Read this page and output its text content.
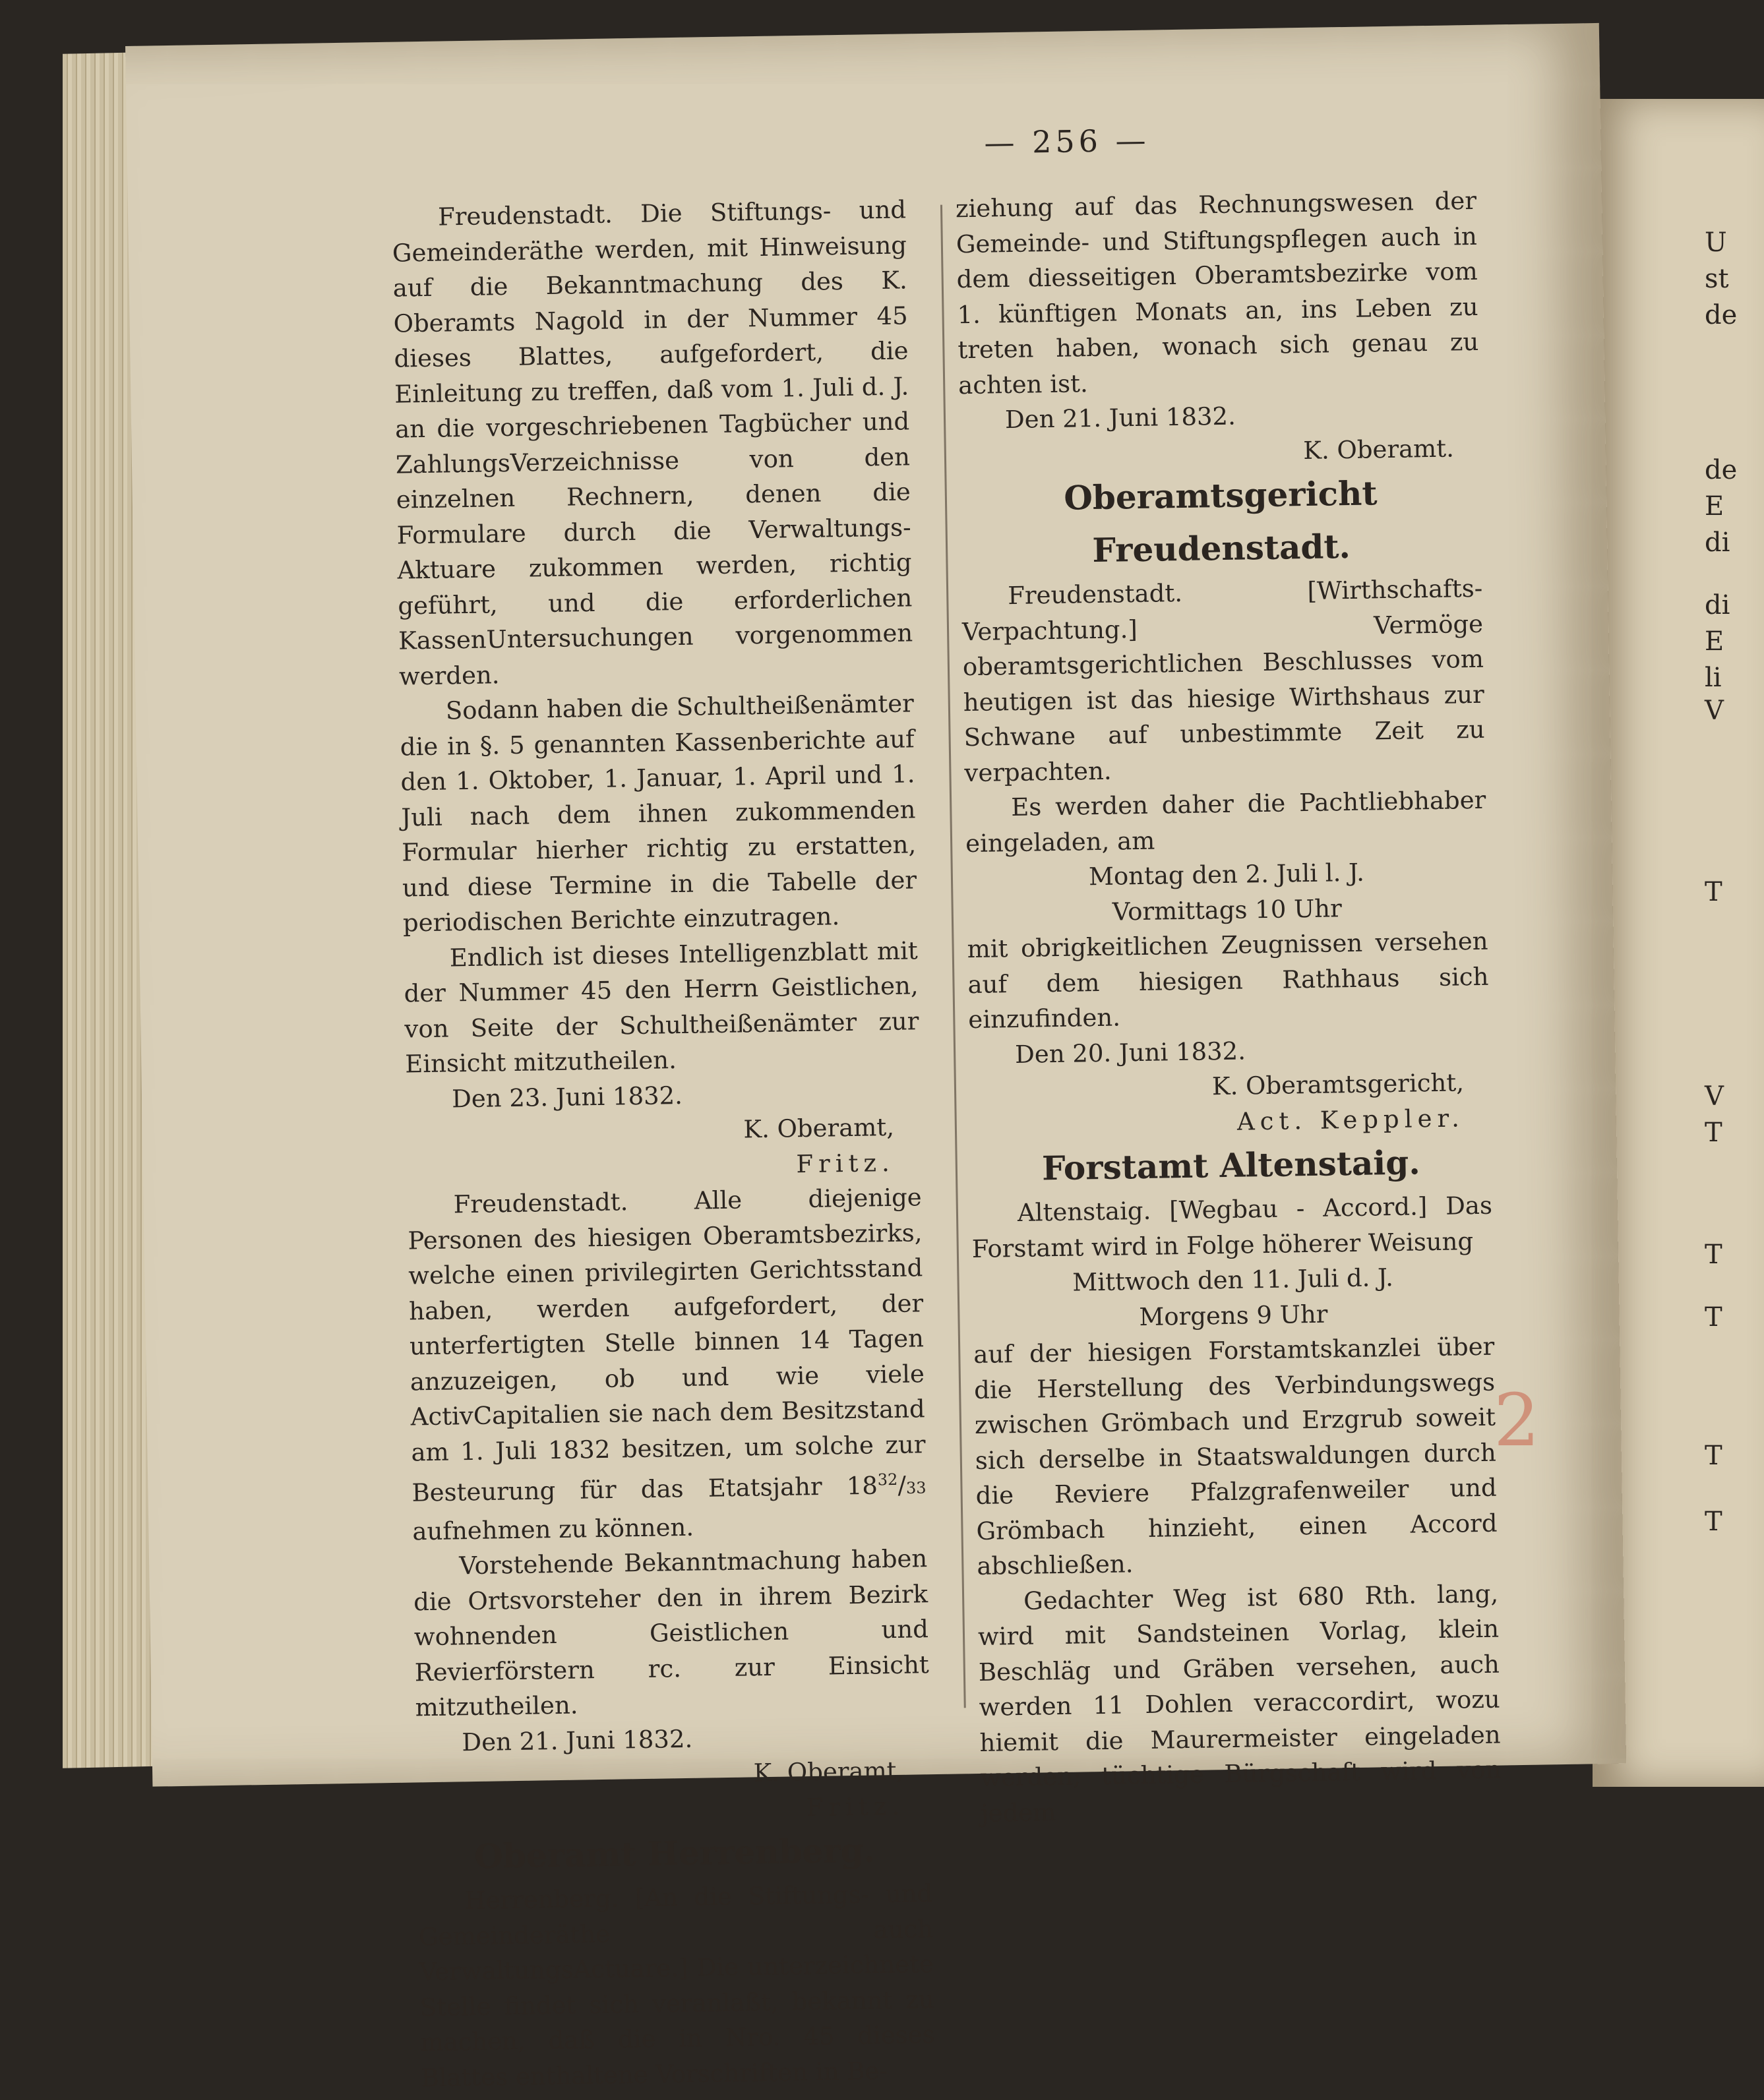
— 256 —

Freudenstadt. Die Stiftungs- und Gemeinderäthe werden, mit Hinweisung auf die Bekanntmachung des K. Oberamts Nagold in der Nummer 45 dieses Blattes, aufgefordert, die Einleitung zu treffen, daß vom 1. Juli d. J. an die vorgeschriebenen Tagbücher und ZahlungsVerzeichnisse von den einzelnen Rechnern, denen die Formulare durch die Verwaltungs-Aktuare zukommen werden, richtig geführt, und die erforderlichen KassenUntersuchungen vorgenommen werden.

Sodann haben die Schultheißenämter die in §. 5 genannten Kassenberichte auf den 1. Oktober, 1. Januar, 1. April und 1. Juli nach dem ihnen zukommenden Formular hierher richtig zu erstatten, und diese Termine in die Tabelle der periodischen Berichte einzutragen.

Endlich ist dieses Intelligenzblatt mit der Nummer 45 den Herrn Geistlichen, von Seite der Schultheißenämter zur Einsicht mitzutheilen.

Den 23. Juni 1832.

K. Oberamt,

Fritz.

Freudenstadt. Alle diejenige Personen des hiesigen Oberamtsbezirks, welche einen privilegirten Gerichtsstand haben, werden aufgefordert, der unterfertigten Stelle binnen 14 Tagen anzuzeigen, ob und wie viele ActivCapitalien sie nach dem Besitzstand am 1. Juli 1832 besitzen, um solche zur Besteurung für das Etatsjahr $18^{32}/33$ aufnehmen zu können.

Vorstehende Bekanntmachung haben die Ortsvorsteher den in ihrem Bezirk wohnenden Geistlichen und Revierförstern rc. zur Einsicht mitzutheilen.

Den 21. Juni 1832.

K. Oberamt,

Fritz.

Oberamt Herrenberg.

Herrenberg. [An die Stiftungs- und Gemeinderäthe auch VerwaltungsActuare.] Die unterzeichnete Stelle findet sich veranlaßt, bekannt zu machen, daß die in Nro. 45 dieses Blattes enthaltene Vorschriften in Be-

ziehung auf das Rechnungswesen der Gemeinde- und Stiftungspflegen auch in dem diesseitigen Oberamtsbezirke vom 1. künftigen Monats an, ins Leben zu treten haben, wonach sich genau zu achten ist.

Den 21. Juni 1832.

K. Oberamt.

Oberamtsgericht Freudenstadt.

Freudenstadt. [Wirthschafts-Verpachtung.] Vermöge oberamtsgerichtlichen Beschlusses vom heutigen ist das hiesige Wirthshaus zur Schwane auf unbestimmte Zeit zu verpachten.

Es werden daher die Pachtliebhaber eingeladen, am

Montag den 2. Juli l. J.

Vormittags 10 Uhr

mit obrigkeitlichen Zeugnissen versehen auf dem hiesigen Rathhaus sich einzufinden.

Den 20. Juni 1832.

K. Oberamtsgericht,

Act. Keppler.

Forstamt Altenstaig.

Altenstaig. [Wegbau - Accord.] Das Forstamt wird in Folge höherer Weisung

Mittwoch den 11. Juli d. J.

Morgens 9 Uhr

auf der hiesigen Forstamtskanzlei über die Herstellung des Verbindungswegs zwischen Grömbach und Erzgrub soweit sich derselbe in Staatswaldungen durch die Reviere Pfalzgrafenweiler und Grömbach hinzieht, einen Accord abschließen.

Gedachter Weg ist 680 Rth. lang, wird mit Sandsteinen Vorlag, klein Beschläg und Gräben versehen, auch werden 11 Dohlen veraccordirt, wozu hiemit die Maurermeister eingeladen werden; tüchtige Bürgschaft wird von jedem

2
U
st
de
de
E
di
di
E
li
V
T
V
T
T
T
T
T
